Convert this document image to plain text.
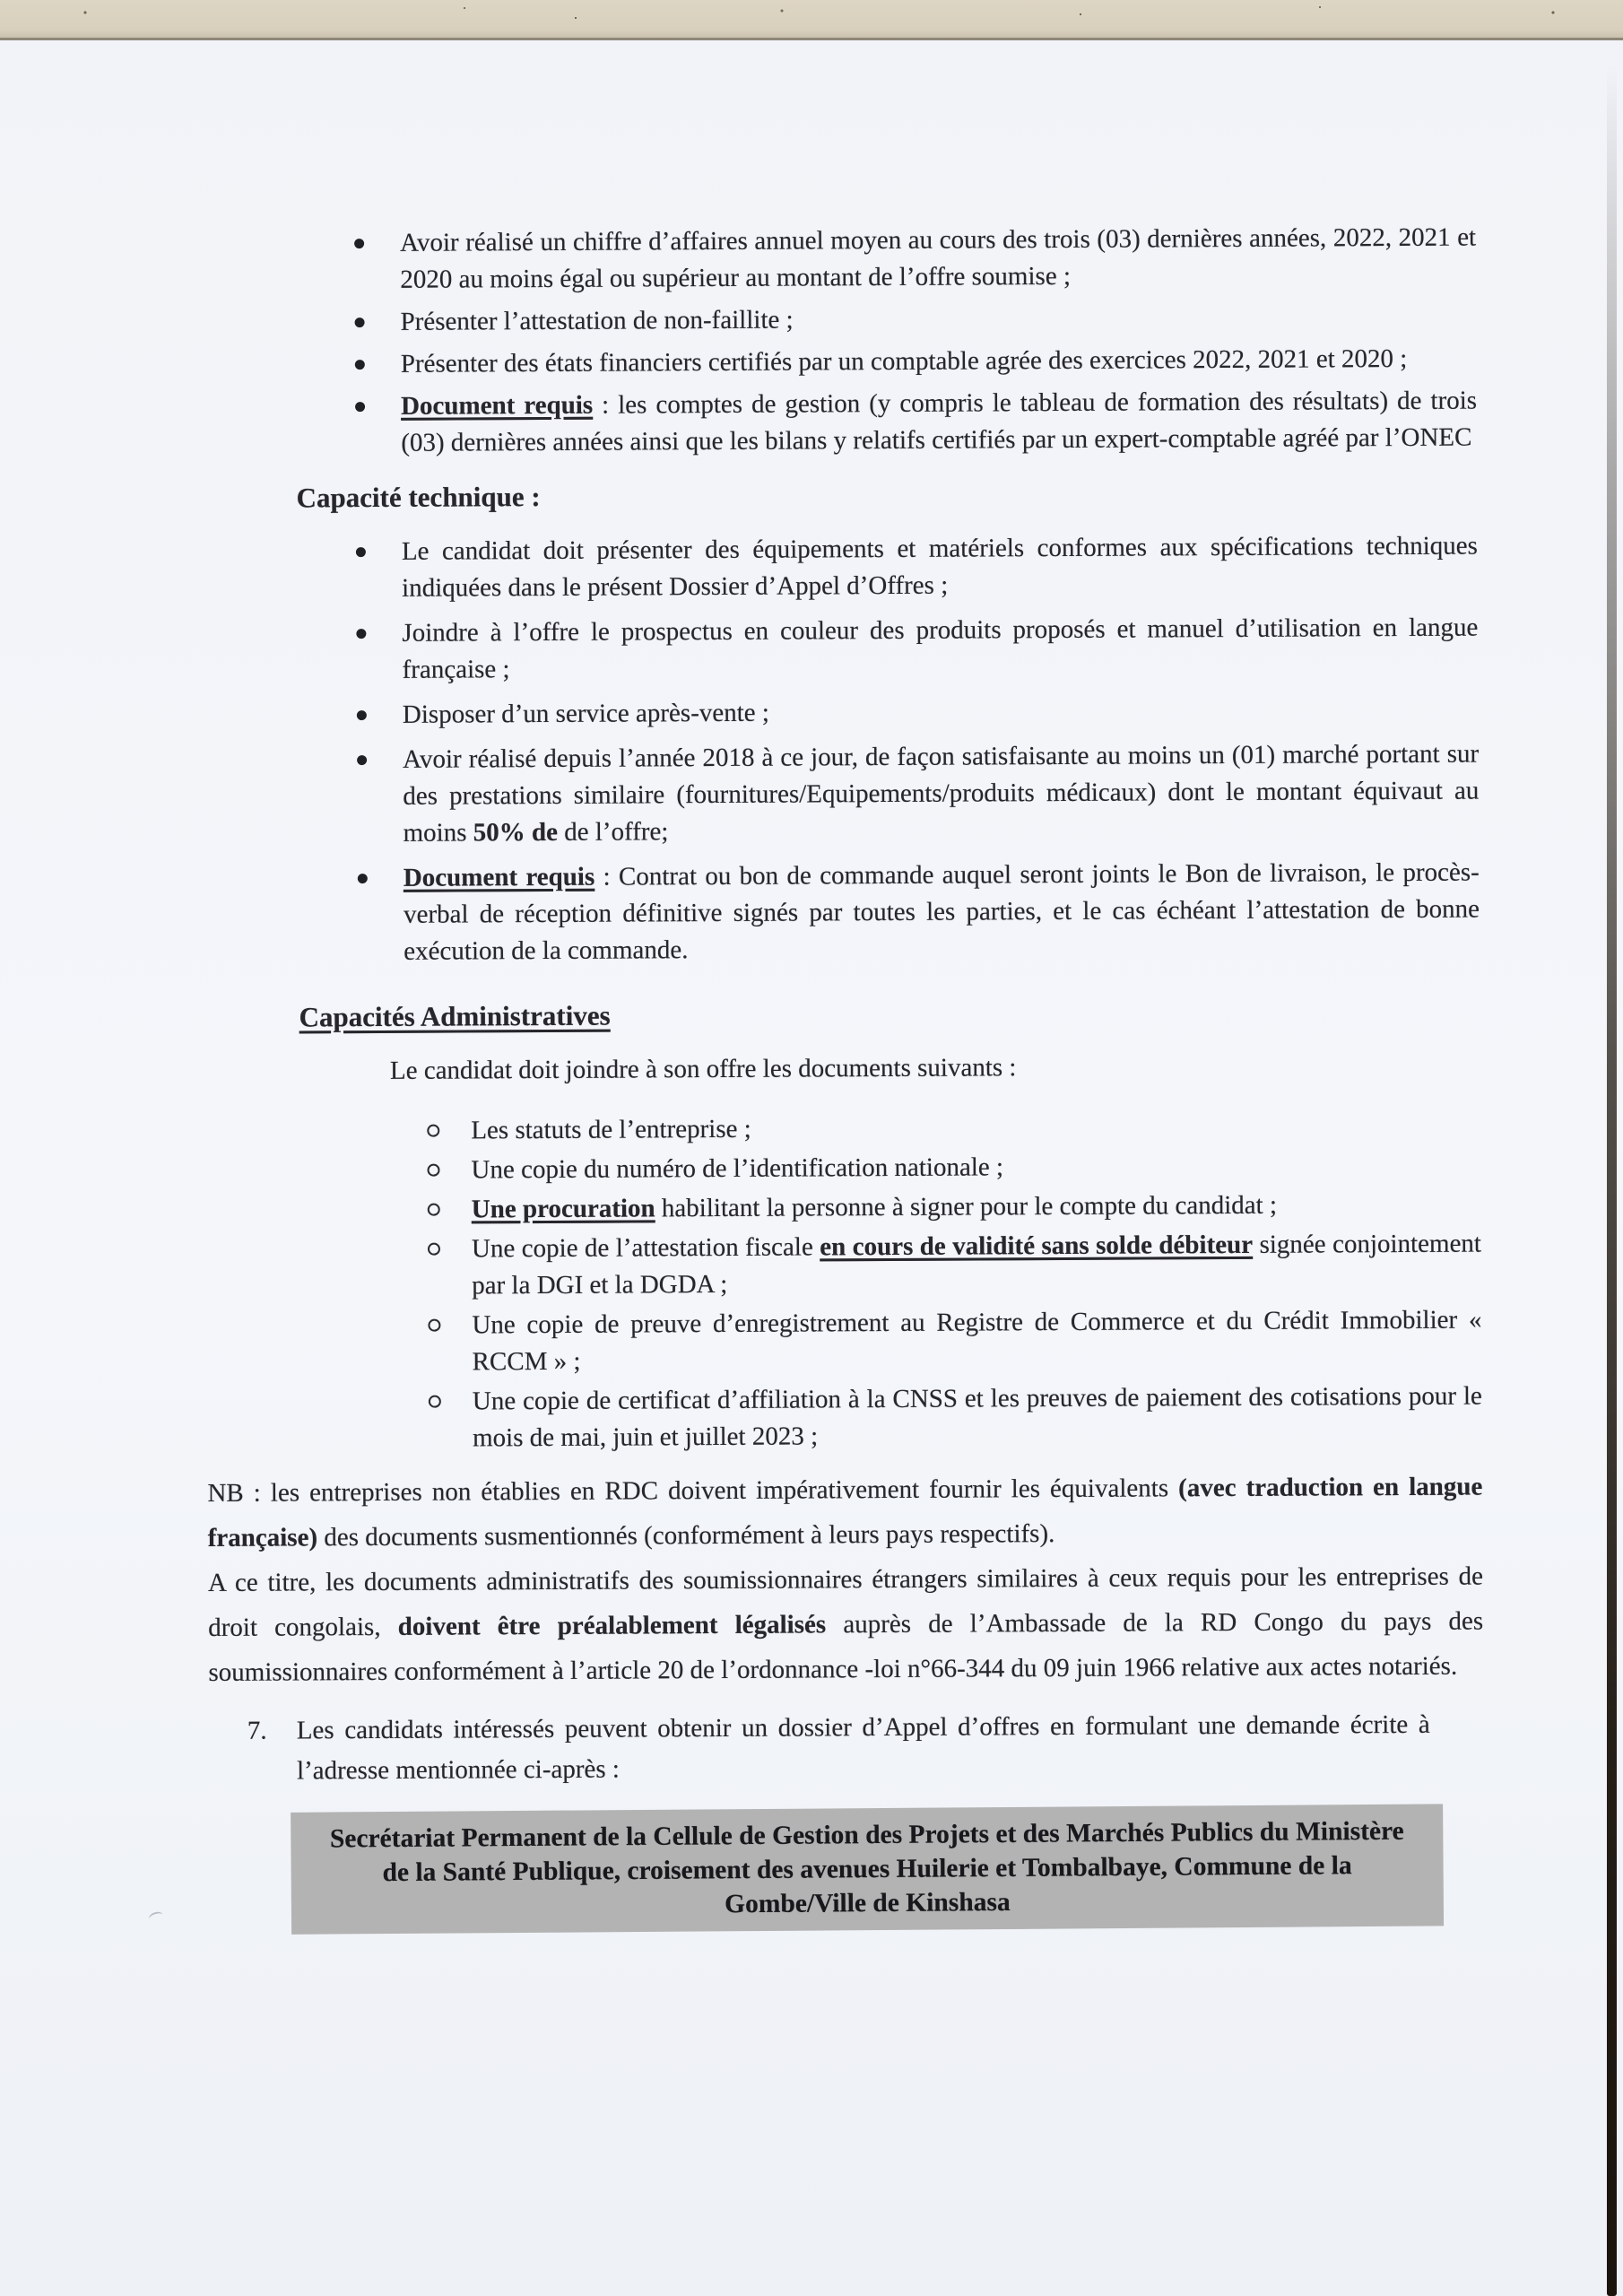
Avoir réalisé un chiffre d’affaires annuel moyen au cours des trois (03) dernières années, 2022, 2021 et 2020 au moins égal ou supérieur au montant de l’offre soumise ;
Présenter l’attestation de non-faillite ;
Présenter des états financiers certifiés par un comptable agrée des exercices 2022, 2021 et 2020 ;
Document requis : les comptes de gestion (y compris le tableau de formation des résultats) de trois (03) dernières années ainsi que les bilans y relatifs certifiés par un expert-comptable agréé par l’ONEC
Capacité technique :
Le candidat doit présenter des équipements et matériels conformes aux spécifications techniques indiquées dans le présent Dossier d’Appel d’Offres ;
Joindre à l’offre le prospectus en couleur des produits proposés et manuel d’utilisation en langue française ;
Disposer d’un service après-vente ;
Avoir réalisé depuis l’année 2018 à ce jour, de façon satisfaisante au moins un (01) marché portant sur des prestations similaire (fournitures/Equipements/produits médicaux) dont le montant équivaut au moins 50% de de l’offre;
Document requis : Contrat ou bon de commande auquel seront joints le Bon de livraison, le procès-verbal de réception définitive signés par toutes les parties, et le cas échéant l’attestation de bonne exécution de la commande.
Capacités Administratives
Le candidat doit joindre à son offre les documents suivants :
Les statuts de l’entreprise ;
Une copie du numéro de l’identification nationale ;
Une procuration habilitant la personne à signer pour le compte du candidat ;
Une copie de l’attestation fiscale en cours de validité sans solde débiteur signée conjointement par la DGI et la DGDA ;
Une copie de preuve d’enregistrement au Registre de Commerce et du Crédit Immobilier « RCCM » ;
Une copie de certificat d’affiliation à la CNSS et les preuves de paiement des cotisations pour le mois de mai, juin et juillet 2023 ;

NB : les entreprises non établies en RDC doivent impérativement fournir les équivalents (avec traduction en langue française) des documents susmentionnés (conformément à leurs pays respectifs).

A ce titre, les documents administratifs des soumissionnaires étrangers similaires à ceux requis pour les entreprises de droit congolais, doivent être préalablement légalisés auprès de l’Ambassade de la RD Congo du pays des soumissionnaires conformément à l’article 20 de l’ordonnance -loi n°66-344 du 09 juin 1966 relative aux actes notariés.

7. Les candidats intéressés peuvent obtenir un dossier d’Appel d’offres en formulant une demande écrite à l’adresse mentionnée ci-après :
Secrétariat Permanent de la Cellule de Gestion des Projets et des Marchés Publics du Ministère de la Santé Publique, croisement des avenues Huilerie et Tombalbaye, Commune de la Gombe/Ville de Kinshasa
